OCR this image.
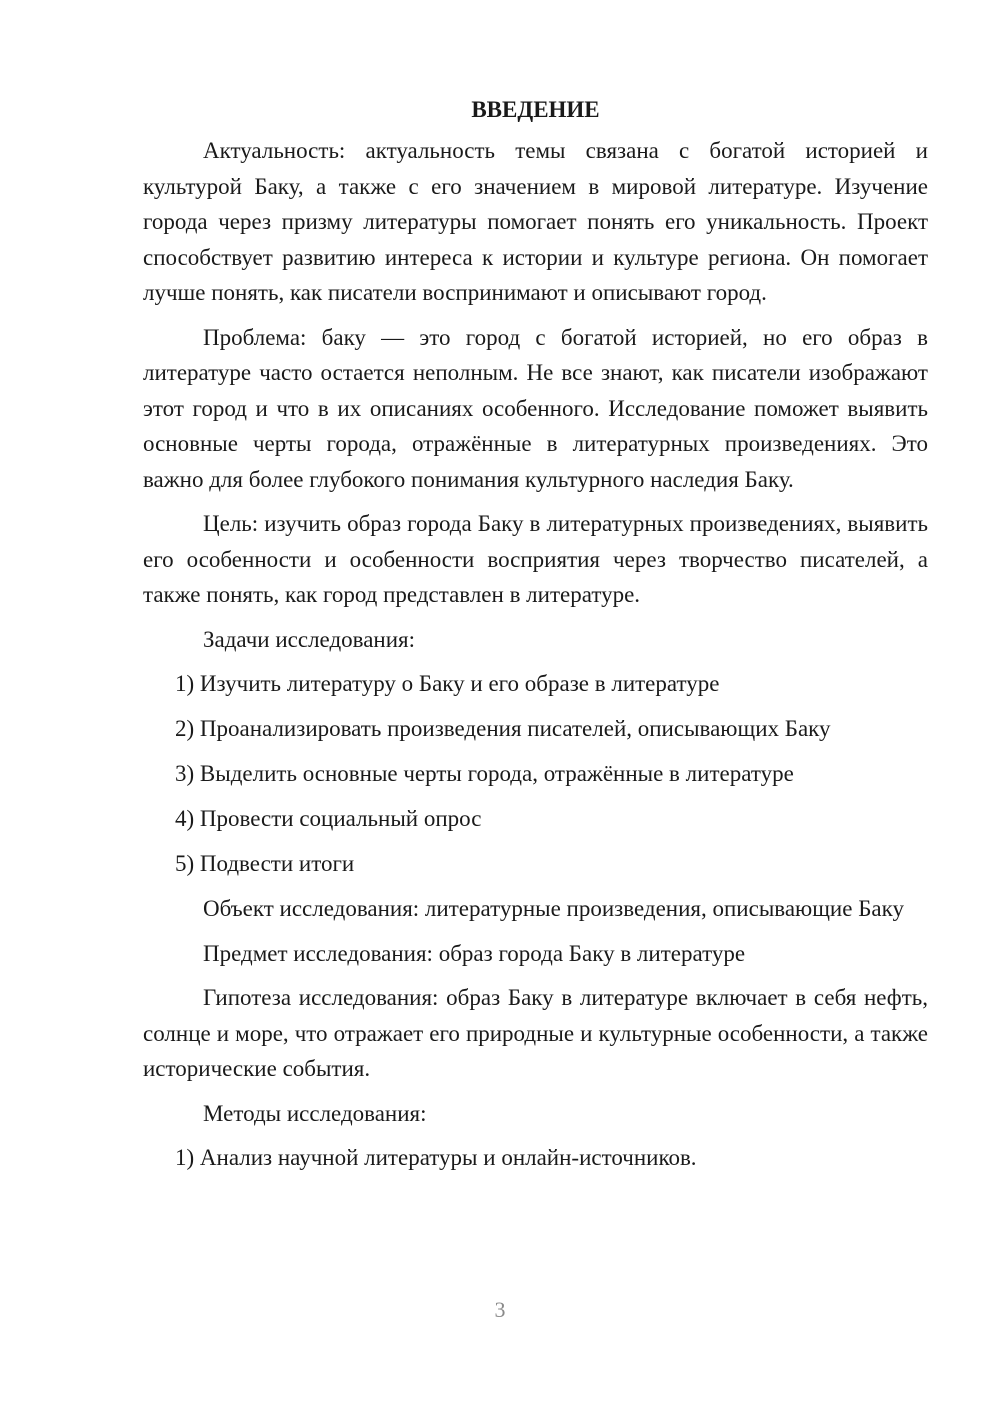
ВВЕДЕНИЕ

Актуальность: актуальность темы связана с богатой историей и культурой Баку, а также с его значением в мировой литературе. Изучение города через призму литературы помогает понять его уникальность. Проект способствует развитию интереса к истории и культуре региона. Он помогает лучше понять, как писатели воспринимают и описывают город.

Проблема: баку — это город с богатой историей, но его образ в литературе часто остается неполным. Не все знают, как писатели изображают этот город и что в их описаниях особенного. Исследование поможет выявить основные черты города, отражённые в литературных произведениях. Это важно для более глубокого понимания культурного наследия Баку.

Цель: изучить образ города Баку в литературных произведениях, выявить его особенности и особенности восприятия через творчество писателей, а также понять, как город представлен в литературе.

Задачи исследования:

1) Изучить литературу о Баку и его образе в литературе
2) Проанализировать произведения писателей, описывающих Баку
3) Выделить основные черты города, отражённые в литературе
4) Провести социальный опрос
5) Подвести итоги

Объект исследования: литературные произведения, описывающие Баку

Предмет исследования: образ города Баку в литературе

Гипотеза исследования: образ Баку в литературе включает в себя нефть, солнце и море, что отражает его природные и культурные особенности, а также исторические события.

Методы исследования:

1) Анализ научной литературы и онлайн-источников.
3
